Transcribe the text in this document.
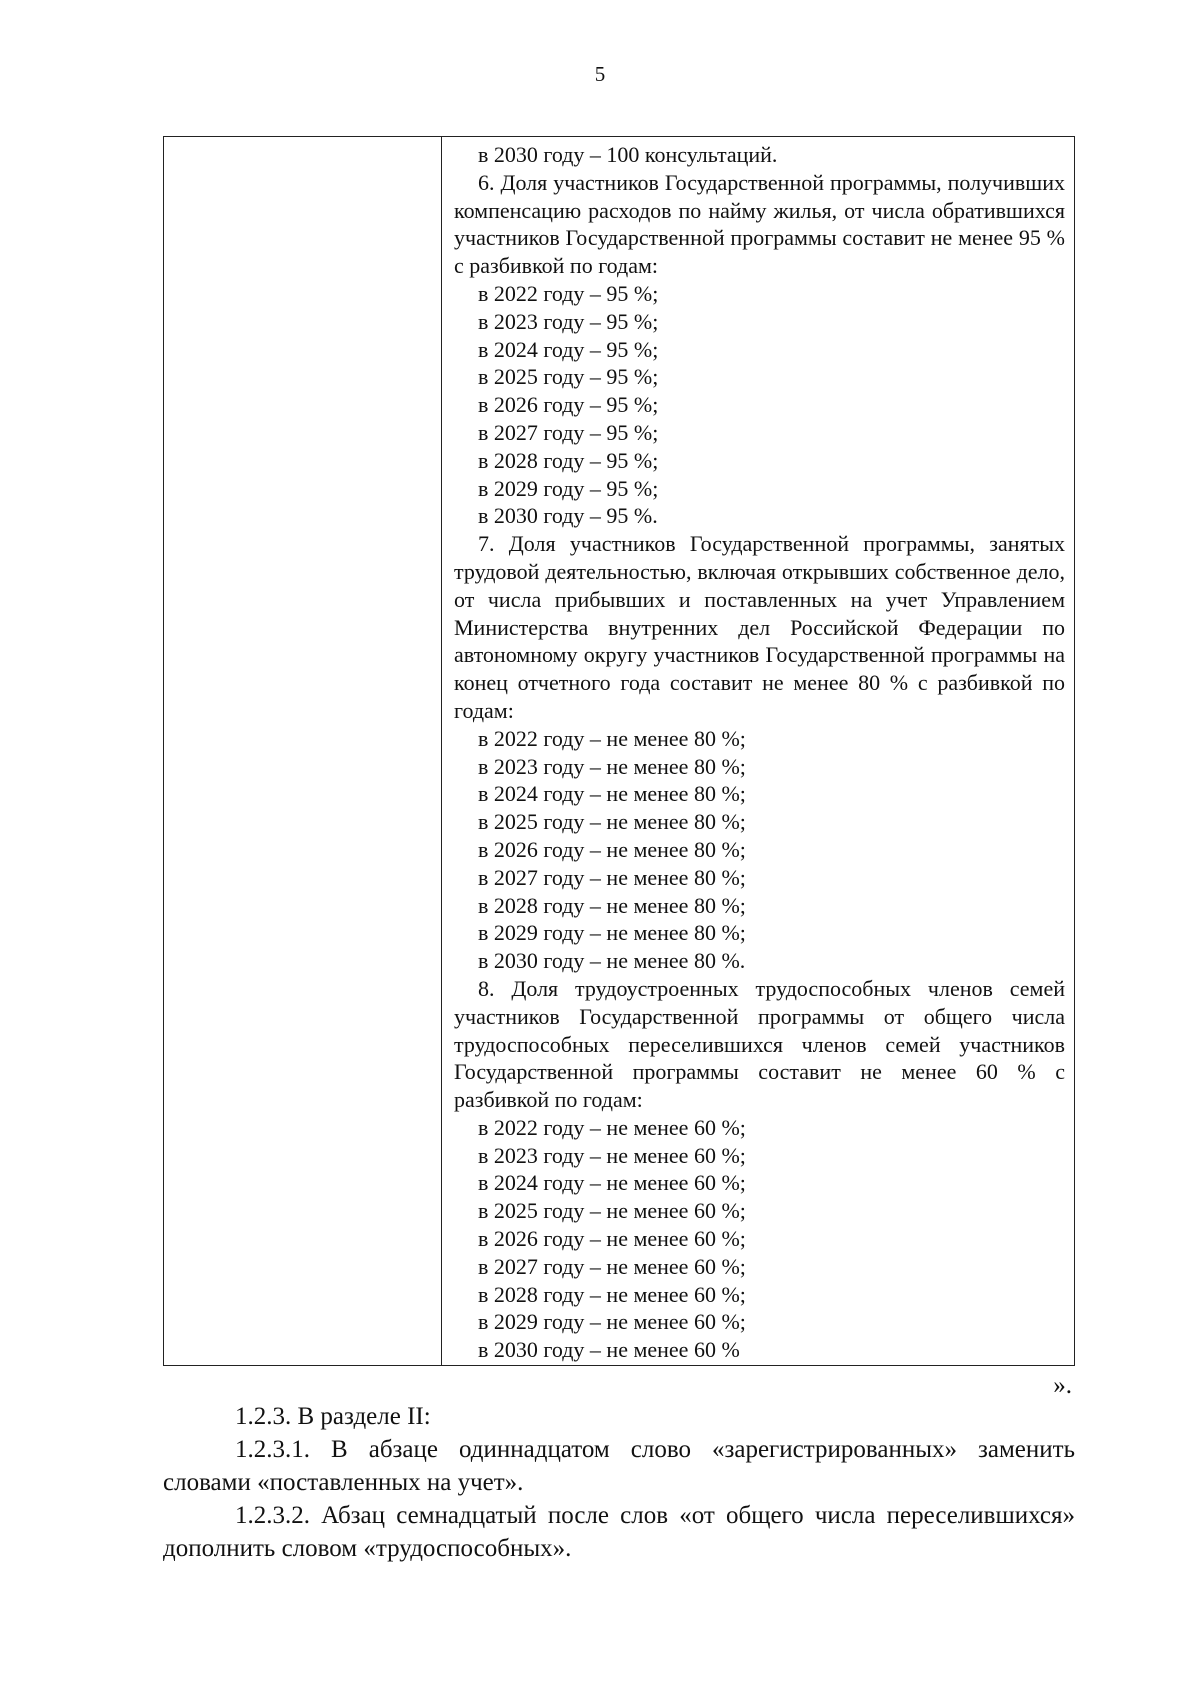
5

в 2030 году – 100 консультаций.

6. Доля участников Государственной программы, получивших компенсацию расходов по найму жилья, от числа обратившихся участников Государственной программы составит не менее 95 % с разбивкой по годам:

в 2022 году – 95 %;

в 2023 году – 95 %;

в 2024 году – 95 %;

в 2025 году – 95 %;

в 2026 году – 95 %;

в 2027 году – 95 %;

в 2028 году – 95 %;

в 2029 году – 95 %;

в 2030 году – 95 %.

7. Доля участников Государственной программы, занятых трудовой деятельностью, включая открывших собственное дело, от числа прибывших и поставленных на учет Управлением Министерства внутренних дел Российской Федерации по автономному округу участников Государственной программы на конец отчетного года составит не менее 80 % с разбивкой по годам:

в 2022 году – не менее 80 %;

в 2023 году – не менее 80 %;

в 2024 году – не менее 80 %;

в 2025 году – не менее 80 %;

в 2026 году – не менее 80 %;

в 2027 году – не менее 80 %;

в 2028 году – не менее 80 %;

в 2029 году – не менее 80 %;

в 2030 году – не менее 80 %.

8. Доля трудоустроенных трудоспособных членов семей участников Государственной программы от общего числа трудоспособных переселившихся членов семей участников Государственной программы составит не менее 60 % с разбивкой по годам:

в 2022 году – не менее 60 %;

в 2023 году – не менее 60 %;

в 2024 году – не менее 60 %;

в 2025 году – не менее 60 %;

в 2026 году – не менее 60 %;

в 2027 году – не менее 60 %;

в 2028 году – не менее 60 %;

в 2029 году – не менее 60 %;

в 2030 году – не менее 60 %

».

1.2.3. В разделе II:

1.2.3.1. В абзаце одиннадцатом слово «зарегистрированных» заменить словами «поставленных на учет».

1.2.3.2. Абзац семнадцатый после слов «от общего числа переселившихся» дополнить словом «трудоспособных».
